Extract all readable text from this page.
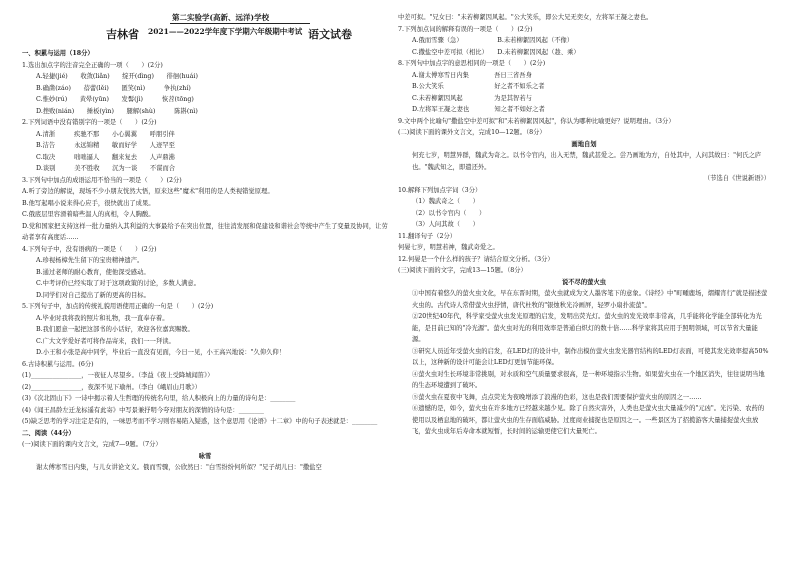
第二实验学(高新、远洋)学校
吉林省 2021——2022学年度下学期六年级期中考试 语文试卷
一、积累与运用（18分）
1.选出加点字的注音完全正确的一项（　　）(2分)
A.轻捷(jié)　　收敛(liǎn)　　绽开(dìng)　　徘徊(huái)
B.确凿(záo)　　蓓蕾(lěi)　　匿笑(nì)　　　争执(zhí)
C.惟妙(rú)　　黄晕(yūn)　　发髻(jì)　　　恢苕(tōng)
D.挫败(nián)　　捶板(yìn)　　腿解(shù)　　　陈斟(nì)
2.下列词语中没有错别字的一项是（　　）(2分)
A.清浙　　　疾驰不那　　小心翼翼　　呼朋引伴
B.洁告　　　永远锦精　　敏而好学　　人迹罕至
C.取决　　　咄咄逼人　　翻来复去　　人声鼎沸
D.谈别　　　美不胜收　　沉为一谈　　不谋而合
3.下列句中加点的成语运用不恰当的一项是（　　）(2分)
A.听了旁边的解说，现场不少小朋友恍然大悟，原来这些"魔术"利用的是人类视错觉原理。
B.他写起唱小说来得心应手，很快就出了成果。
C.俄底层里容滑着暗些温人的真相，令人胸酸。
D.党和国家把支持这样一批力量纳入其利益的大事最给予在突出位置，往往消发展和促建设和谐社会等统中产生了变量及协同，让劳动者享有高度话……
4.下列句子中，没有语病的一项是（　　）(2分)
A.珍视杨樟先生留下的宝贵精神遗产。
B.通过老师的耐心教育，使他深受感动。
C.中考评价已经实取了对于这项政策的讨论，多数人满意。
D.同学们对自己提出了新的更高的目标。
5.下列句子中，加点的传统礼貌用语使用正确的一句是（　　）(2分)
A.毕业时我将我的照片和礼物，我一直奉存着。
B.我们愿意一起把这部书的小话好，欢迎各位嘉宾赐教。
C.广大文学爱好者可将作品寄来，我们一一拜读。
D.小王和小张是高中同学，毕业后一直没有见面，今日一见，小王高兴地说："久仰久仰！
6.古诗积累与运用。(6分)
(1)________________，一夜征人尽望乡。（李益《夜上受降城闻笛》）
(2)________________，夜深不见下瑜州。（李白《峨眉山月歌》）
(3)《次北固山下》一诗中揭示着人生哲理的传统名句里，给人积极向上的力量的诗句是：________
(4)《闻王昌龄左迁龙标遥有此寄》中写景兼抒明今夸对朋友的深情的诗句是：________
(5)缺乏思考的学习注定是有的，一味思考而不学习则容易陷入疑惑，这个意思用《论语》十二章》中的句子表述就是：________
二、阅读（44分）
(一)阅读下面的课内文言文，完成7—9题。（7分）
咏雪
谢太傅寒雪日内集，与儿女讲论文义。俄而雪骤，公欣然曰："白雪纷纷何所似？"兄子胡儿曰："撒盐空
中差可拟。"兄女曰："未若柳絮因风起。"公大笑乐，即公大兄无奕女，左将军王凝之妻也。
7.下列加点词的解释有误的一项是（　　）(2分)
A.俄而雪骤（急）　　　　　　B.未若柳絮因风起（不像）
C.撒盐空中差可拟（相比）　　D.未若柳絮因风起（趁、乘）
8.下列句中加点字的意思相同的一项是（　　）(2分)
A.谢太傅寒雪日内集　　　　吾日三省吾身
B.公大笑乐　　　　　　　　好之者不如乐之者
C.未若柳絮因风起　　　　　为是其智若与
D.左将军王凝之妻也　　　　知之者不如好之者
9.文中两个比喻句"撒盐空中差可拟"和"未若柳絮因风起"，你认为哪种比喻更好？说明理由。（3分）
(二)阅读下面的课外文言文，完成10—12题。（8分）
画地自划
何充七岁，明慧异群，魏武为奇之。以书令官内，出入无禁，魏武甚爱之。尝乃画地为方，自处其中，人问其故曰："何氏之庐也。"魏武知之，即遣还外。
（节选自《世说新语》）
10.解释下列加点字词（3分）
（1）魏武奇之（　　）
（2）以书令官内（　　）
（3）人问其故（　　）
11.翻译句子（2分）
何晏七岁，明慧若神，魏武奇爱之。
12.何晏是一个什么样的孩子？请结合原文分析。（3分）
(三)阅读下面的文字，完成13—15题。（8分）
说不尽的萤火虫
①中国有着悠久的萤火虫文化，早在东晋时期，萤火虫就成为文人墨客笔下的意象。《诗经》中"町畽鹿场，熠耀宵行"就是描述萤火虫的。古代诗人常借萤火虫抒情，唐代杜牧的"银烛秋光冷画屏，轻罗小扇扑流萤"。
②20世纪40年代，科学家受萤火虫发光原理的启发，发明出荧光灯。萤火虫的发光效率非常高，几乎能将化学能全部转化为光能，是目前已知的"冷光源"。萤火虫对光的利用效率是普通白炽灯的数十倍……科学家将其应用于照明领域，可以节省大量能源。
③研究人员近年受萤火虫的启发，在LED灯的设计中，制作出模仿萤火虫发光器官结构的LED灯表面，可使其发光效率提高50%以上，这种新的设计可能会让LED灯更加节能环保。
④萤火虫对生长环境非常挑剔，对水质和空气质量要求很高，是一种环境指示生物。如果萤火虫在一个地区消失，往往说明当地的生态环境遭到了破坏。
⑤萤火虫在夏夜中飞舞，点点荧光为夜晚增添了浪漫的色彩，这也是我们需要保护萤火虫的原因之一……
⑥遗憾的是，如今，萤火虫在许多地方已经越来越少见。除了自然灾害外，人类也是萤火虫大量减少的"元凶"。光污染、农药的使用以及栖息地的破坏，都让萤火虫的生存面临威胁。过度商业捕捉也是原因之一。一些景区为了招揽游客大量捕捉萤火虫放飞，萤火虫成年后寿命本就短暂，长时间的运输更使它们大量死亡。
